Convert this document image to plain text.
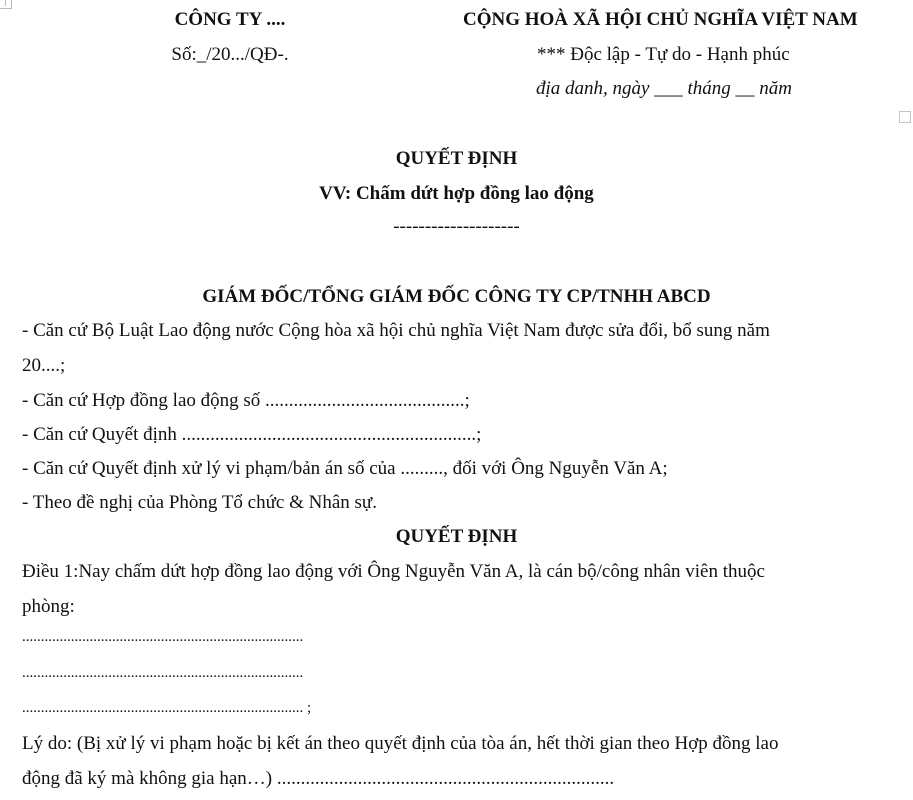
CÔNG TY ....
Số:_/20.../QĐ-.
CỘNG HOÀ XÃ HỘI CHỦ NGHĨA VIỆT NAM
*** Độc lập - Tự do - Hạnh phúc
địa danh, ngày ___ tháng __ năm
QUYẾT ĐỊNH
VV: Chấm dứt hợp đồng lao động
--------------------
GIÁM ĐỐC/TỔNG GIÁM ĐỐC CÔNG TY CP/TNHH ABCD
- Căn cứ Bộ Luật Lao động nước Cộng hòa xã hội chủ nghĩa Việt Nam được sửa đổi, bổ sung năm
20....;
- Căn cứ Hợp đồng lao động số ..........................................;
- Căn cứ Quyết định ..............................................................;
- Căn cứ Quyết định xử lý vi phạm/bản án số của ........., đối với Ông Nguyễn Văn A;
- Theo đề nghị của Phòng Tổ chức & Nhân sự.
QUYẾT ĐỊNH
Điều 1:Nay chấm dứt hợp đồng lao động với Ông Nguyễn Văn A, là cán bộ/công nhân viên thuộc
phòng:
...........................................................................
...........................................................................
........................................................................... ;
Lý do: (Bị xử lý vi phạm hoặc bị kết án theo quyết định của tòa án, hết thời gian theo Hợp đồng lao
động đã ký mà không gia hạn…) .......................................................................
